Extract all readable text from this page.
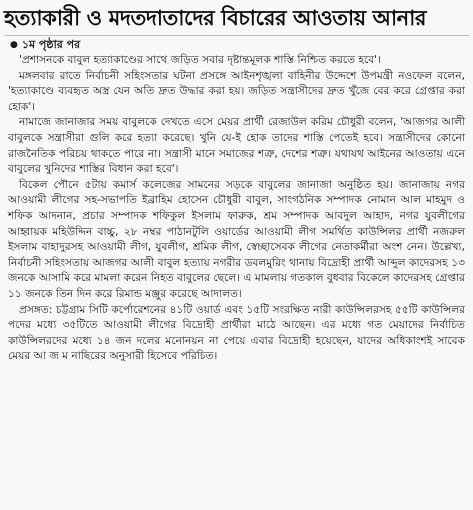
হত্যাকারী ও মদতদাতাদের বিচারের আওতায় আনার
● ১ম পৃষ্ঠার পর

'প্রশাসনকে বাবুল হত্যাকাণ্ডের সাথে জড়িত সবার দৃষ্টান্তমূলক শাস্তি নিশ্চিত করতে হবে'।

মঙ্গলবার রাতে নির্বাচনী সহিংসতার ঘটনা প্রসঙ্গে আইনশৃঙ্খলা বাহিনীর উদ্দেশে উপমন্ত্রী নওফেল বলেন, 'হত্যাকাণ্ডে ব্যবহৃত অস্ত্র যেন অতি দ্রুত উদ্ধার করা হয়। জড়িত সন্ত্রাসীদের দ্রুত খুঁজে বের করে গ্রেপ্তার করা হোক'।

নামাজে জানাজার সময় বাবুলকে দেখতে এসে মেয়র প্রার্থী রেজাউল করিম চৌধুরী বলেন, 'আজগর আলী বাবুলকে সন্ত্রাসীরা গুলি করে হত্যা করেছে। খুনি যে-ই হোক তাদের শাস্তি পেতেই হবে। সন্ত্রাসীদের কোনো রাজনৈতিক পরিচয় থাকতে পারে না। সন্ত্রাসী মানে সমাজের শত্রু, দেশের শত্রু। যথাযথ আইনের আওতায় এনে বাবুলের খুনিদের শাস্তির বিধান করা হবে'।

বিকেল পৌনে ৫টায় কমার্স কলেজের সামনের সড়কে বাবুলের জানাজা অনুষ্ঠিত হয়। জানাজায় নগর আওয়ামী লীগের সহ-সভাপতি ইব্রাহিম হোসেন চৌধুরী বাবুল, সাংগঠনিক সম্পাদক নোমান আল মাহমুদ ও শফিক আদনান, প্রচার সম্পাদক শফিকুল ইসলাম ফারুক, শ্রম সম্পাদক আবদুল আহাদ, নগর যুবলীগের আহ্বায়ক মহিউদ্দিন বাচ্চু, ২৮ নম্বর পাঠানটুলি ওয়ার্ডের আওয়ামী লীগ সমর্থিত কাউন্সিলর প্রার্থী নজরুল ইসলাম বাহাদুরসহ আওয়ামী লীগ, যুবলীগ, শ্রমিক লীগ, স্বেচ্ছাসেবক লীগের নেতাকর্মীরা অংশ নেন। উল্লেখ্য, নির্বাচনী সহিংসতায় আজগর আলী বাবুল হত্যায় নগরীর ডবলমুরিং থানায় বিদ্রোহী প্রার্থী আব্দুল কাদেরসহ ১৩ জনকে আসামি করে মামলা করেন নিহত বাবুলের ছেলে। এ মামলায় গতকাল বুধবার বিকেলে কাদেরসহ গ্রেপ্তার ১১ জনকে তিন দিন করে রিমান্ড মঞ্জুর করেছে আদালত।

প্রসঙ্গত: চট্টগ্রাম সিটি কর্পোরেশনের ৪১টি ওয়ার্ড এবং ১৫টি সংরক্ষিত নারী কাউন্সিলরসহ ৫৫টি কাউন্সিলর পদের মধ্যে ৩৫টিতে আওয়ামী লীগের বিদ্রোহী প্রার্থীরা মাঠে আছেন। এর মধ্যে গত মেয়াদের নির্বাচিত কাউন্সিলরদের মধ্যে ১৪ জন দলের মনোনয়ন না পেয়ে এবার বিদ্রোহী হয়েছেন, যাদের অধিকাংশই সাবেক মেয়র আ জ ম নাছিরের অনুসারী হিসেবে পরিচিত।
